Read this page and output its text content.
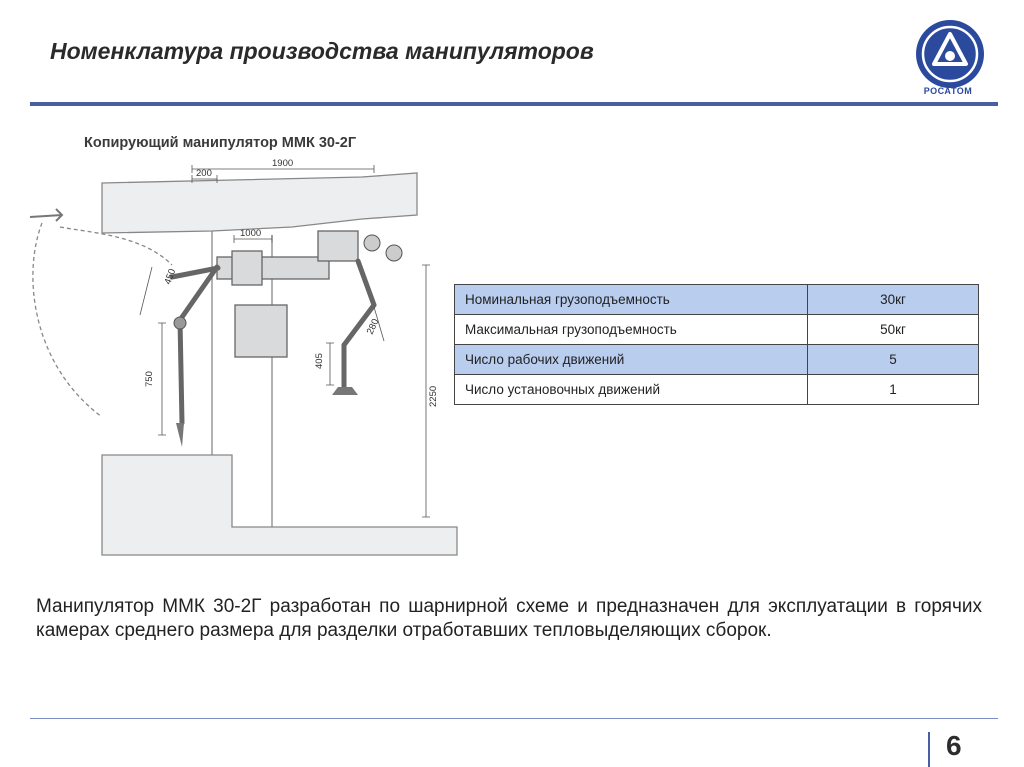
Номенклатура производства манипуляторов
РОСАТОМ
Копирующий манипулятор ММК 30-2Г
1900
200
1000
450
750
405
280
2250
Номинальная грузоподъемность	30кг
Максимальная грузоподъемность	50кг
Число рабочих движений	5
Число установочных движений	1

Манипулятор ММК 30-2Г разработан по шарнирной схеме и предназначен для эксплуатации в горячих камерах среднего размера для разделки отработавших тепловыделяющих сборок.

6
